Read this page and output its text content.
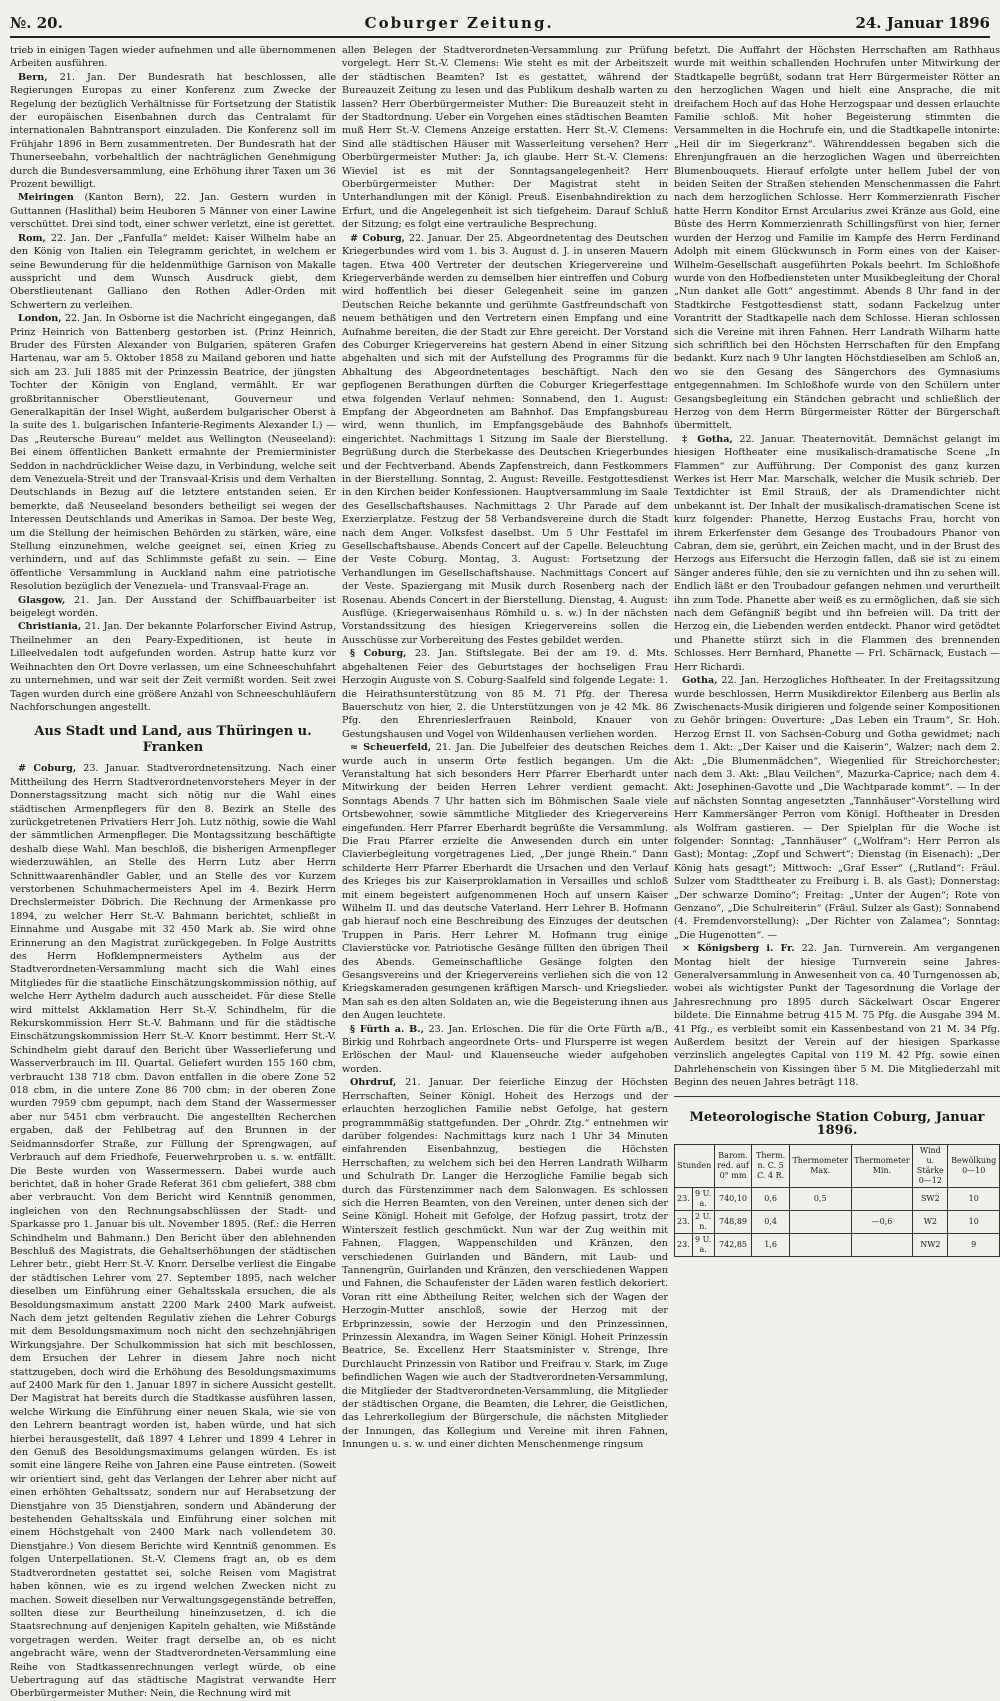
№. 20.	Coburger Zeitung.	24. Januar 1896

trieb in einigen Tagen wieder aufnehmen und alle übernommenen Arbeiten ausführen.

Bern, 21. Jan. Der Bundesrath hat beschlossen, alle Regierungen Europas zu einer Konferenz zum Zwecke der Regelung der bezüglich Verhältnisse für Fortsetzung der Statistik der europäischen Eisenbahnen durch das Centralamt für internationalen Bahntransport einzuladen. Die Konferenz soll im Frühjahr 1896 in Bern zusammentreten. Der Bundesrath hat der Thunerseebahn, vorbehaltlich der nachträglichen Genehmigung durch die Bundesversammlung, eine Erhöhung ihrer Taxen um 36 Prozent bewilligt.

Meiringen (Kanton Bern), 22. Jan. Gestern wurden in Guttannen (Haslithal) beim Heuboren 5 Männer von einer Lawine verschüttet. Drei sind todt, einer schwer verletzt, eine ist gerettet.

Rom, 22. Jan. Der „Fanfulla“ meldet: Kaiser Wilhelm habe an den König von Italien ein Telegramm gerichtet, in welchem er seine Bewunderung für die heldenmüthige Garnison von Makalle ausspricht und dem Wunsch Ausdruck giebt, dem Oberstlieutenant Galliano den Rothen Adler-Orden mit Schwertern zu verleihen.

London, 22. Jan. In Osborne ist die Nachricht eingegangen, daß Prinz Heinrich von Battenberg gestorben ist. (Prinz Heinrich, Bruder des Fürsten Alexander von Bulgarien, späteren Grafen Hartenau, war am 5. Oktober 1858 zu Mailand geboren und hatte sich am 23. Juli 1885 mit der Prinzessin Beatrice, der jüngsten Tochter der Königin von England, vermählt. Er war großbritannischer Oberstlieutenant, Gouverneur und Generalkapitän der Insel Wight, außerdem bulgarischer Oberst à la suite des 1. bulgarischen Infanterie-Regiments Alexander I.) — Das „Reutersche Bureau“ meldet aus Wellington (Neuseeland): Bei einem öffentlichen Bankett ermahnte der Premierminister Seddon in nachdrücklicher Weise dazu, in Verbindung, welche seit dem Venezuela-Streit und der Transvaal-Krisis und dem Verhalten Deutschlands in Bezug auf die letztere entstanden seien. Er bemerkte, daß Neuseeland besonders betheiligt sei wegen der Interessen Deutschlands und Amerikas in Samoa. Der beste Weg, um die Stellung der heimischen Behörden zu stärken, wäre, eine Stellung einzunehmen, welche geeignet sei, einen Krieg zu verhindern, und auf das Schlimmste gefaßt zu sein. — Eine öffentliche Versammlung in Auckland nahm eine patriotische Resolution bezüglich der Venezuela- und Transvaal-Frage an.

Glasgow, 21. Jan. Der Ausstand der Schiffbauarbeiter ist beigelegt worden.

Christiania, 21. Jan. Der bekannte Polarforscher Eivind Astrup, Theilnehmer an den Peary-Expeditionen, ist heute in Lilleelvedalen todt aufgefunden worden. Astrup hatte kurz vor Weihnachten den Ort Dovre verlassen, um eine Schneeschuhfahrt zu unternehmen, und war seit der Zeit vermißt worden. Seit zwei Tagen wurden durch eine größere Anzahl von Schneeschuhläufern Nachforschungen angestellt.

Aus Stadt und Land, aus Thüringen u. Franken

# Coburg, 23. Januar. Stadtverordnetensitzung. Nach einer Mittheilung des Herrn Stadtverordnetenvorstehers Meyer in der Donnerstagssitzung macht sich nötig nur die Wahl eines städtischen Armenpflegers für den 8. Bezirk an Stelle des zurückgetretenen Privatiers Herr Joh. Lutz nöthig, sowie die Wahl der sämmtlichen Armenpfleger. Die Montagssitzung beschäftigte deshalb diese Wahl. Man beschloß, die bisherigen Armenpfleger wiederzuwählen, an Stelle des Herrn Lutz aber Herrn Schnittwaarenhändler Gabler, und an Stelle des vor Kurzem verstorbenen Schuhmachermeisters Apel im 4. Bezirk Herrn Drechslermeister Döbrich. Die Rechnung der Armenkasse pro 1894, zu welcher Herr St.-V. Bahmann berichtet, schließt in Einnahme und Ausgabe mit 32 450 Mark ab. Sie wird ohne Erinnerung an den Magistrat zurückgegeben. In Folge Austritts des Herrn Hofklempnermeisters Aythelm aus der Stadtverordneten-Versammlung macht sich die Wahl eines Mitgliedes für die staatliche Einschätzungskommission nöthig, auf welche Herr Aythelm dadurch auch ausscheidet. Für diese Stelle wird mittelst Akklamation Herr St.-V. Schindhelm, für die Rekurskommission Herr St.-V. Bahmann und für die städtische Einschätzungskommission Herr St.-V. Knorr bestimmt. Herr St.-V. Schindhelm giebt darauf den Bericht über Wasserlieferung und Wasserverbrauch im III. Quartal. Geliefert wurden 155 160 cbm, verbraucht 138 718 cbm. Davon entfallen in die obere Zone 52 018 cbm, in die untere Zone 86 700 cbm; in der oberen Zone wurden 7959 cbm gepumpt, nach dem Stand der Wassermesser aber nur 5451 cbm verbraucht. Die angestellten Recherchen ergaben, daß der Fehlbetrag auf den Brunnen in der Seidmannsdorfer Straße, zur Füllung der Sprengwagen, auf Verbrauch auf dem Friedhofe, Feuerwehrproben u. s. w. entfällt. Die Beste wurden von Wassermessern. Dabei wurde auch berichtet, daß in hoher Grade Referat 361 cbm geliefert, 388 cbm aber verbraucht. Von dem Bericht wird Kenntniß genommen, ingleichen von den Rechnungsabschlüssen der Stadt- und Sparkasse pro 1. Januar bis ult. November 1895. (Ref.: die Herren Schindhelm und Bahmann.) Den Bericht über den ablehnenden Beschluß des Magistrats, die Gehaltserhöhungen der städtischen Lehrer betr., giebt Herr St.-V. Knorr. Derselbe verliest die Eingabe der städtischen Lehrer vom 27. September 1895, nach welcher dieselben um Einführung einer Gehaltsskala ersuchen, die als Besoldungsmaximum anstatt 2200 Mark 2400 Mark aufweist. Nach dem jetzt geltenden Regulativ ziehen die Lehrer Coburgs mit dem Besoldungsmaximum noch nicht den sechzehnjährigen Wirkungsjahre. Der Schulkommission hat sich mit beschlossen, dem Ersuchen der Lehrer in diesem Jahre noch nicht stattzugeben, doch wird die Erhöhung des Besoldungsmaximums auf 2400 Mark für den 1. Januar 1897 in sichere Aussicht gestellt. Der Magistrat hat bereits durch die Stadtkasse ausführen lassen, welche Wirkung die Einführung einer neuen Skala, wie sie von den Lehrern beantragt worden ist, haben würde, und hat sich hierbei herausgestellt, daß 1897 4 Lehrer und 1899 4 Lehrer in den Genuß des Besoldungsmaximums gelangen würden. Es ist somit eine längere Reihe von Jahren eine Pause eintreten. (Soweit wir orientiert sind, geht das Verlangen der Lehrer aber nicht auf einen erhöhten Gehaltssatz, sondern nur auf Herabsetzung der Dienstjahre von 35 Dienstjahren, sondern und Abänderung der bestehenden Gehaltsskala und Einführung einer solchen mit einem Höchstgehalt von 2400 Mark nach vollendetem 30. Dienstjahre.) Von diesem Berichte wird Kenntniß genommen. Es folgen Unterpellationen. St.-V. Clemens fragt an, ob es dem Stadtverordneten gestattet sei, solche Reisen vom Magistrat haben können, wie es zu irgend welchen Zwecken nicht zu machen. Soweit dieselben nur Verwaltungsgegenstände betreffen, sollten diese zur Beurtheilung hineinzusetzen, d. ich die Staatsrechnung auf denjenigen Kapiteln gehalten, wie Mißstände vorgetragen werden. Weiter fragt derselbe an, ob es nicht angebracht wäre, wenn der Stadtverordneten-Versammlung eine Reihe von Stadtkassenrechnungen verlegt würde, ob eine Uebertragung auf das städtische Magistrat verwandte Herr Oberbürgermeister Muther: Nein, die Rechnung wird mit

allen Belegen der Stadtverordneten-Versammlung zur Prüfung vorgelegt. Herr St.-V. Clemens: Wie steht es mit der Arbeitszeit der städtischen Beamten? Ist es gestattet, während der Bureauzeit Zeitung zu lesen und das Publikum deshalb warten zu lassen? Herr Oberbürgermeister Muther: Die Bureauzeit steht in der Stadtordnung. Ueber ein Vorgehen eines städtischen Beamten muß Herr St.-V. Clemens Anzeige erstatten. Herr St.-V. Clemens: Sind alle städtischen Häuser mit Wasserleitung versehen? Herr Oberbürgermeister Muther: Ja, ich glaube. Herr St.-V. Clemens: Wieviel ist es mit der Sonntagsangelegenheit? Herr Oberbürgermeister Muther: Der Magistrat steht in Unterhandlungen mit der Königl. Preuß. Eisenbahndirektion zu Erfurt, und die Angelegenheit ist sich tiefgeheim. Darauf Schluß der Sitzung; es folgt eine vertrauliche Besprechung.

# Coburg, 22. Januar. Der 25. Abgeordnetentag des Deutschen Kriegerbundes wird vom 1. bis 3. August d. J. in unseren Mauern tagen. Etwa 400 Vertreter der deutschen Kriegervereine und Kriegerverbände werden zu demselben hier eintreffen und Coburg wird hoffentlich bei dieser Gelegenheit seine im ganzen Deutschen Reiche bekannte und gerühmte Gastfreundschaft von neuem bethätigen und den Vertretern einen Empfang und eine Aufnahme bereiten, die der Stadt zur Ehre gereicht. Der Vorstand des Coburger Kriegervereins hat gestern Abend in einer Sitzung abgehalten und sich mit der Aufstellung des Programms für die Abhaltung des Abgeordnetentages beschäftigt. Nach den gepflogenen Berathungen dürften die Coburger Kriegerfesttage etwa folgenden Verlauf nehmen: Sonnabend, den 1. August: Empfang der Abgeordneten am Bahnhof. Das Empfangsbureau wird, wenn thunlich, im Empfangsgebäude des Bahnhofs eingerichtet. Nachmittags 1 Sitzung im Saale der Bierstellung. Begrüßung durch die Sterbekasse des Deutschen Kriegerbundes und der Fechtverband. Abends Zapfenstreich, dann Festkommers in der Bierstellung. Sonntag, 2. August: Reveille. Festgottesdienst in den Kirchen beider Konfessionen. Hauptversammlung im Saale des Gesellschaftshauses. Nachmittags 2 Uhr Parade auf dem Exerzierplatze. Festzug der 58 Verbandsvereine durch die Stadt nach dem Anger. Volksfest daselbst. Um 5 Uhr Festtafel im Gesellschaftshause. Abends Concert auf der Capelle. Beleuchtung der Veste Coburg. Montag, 3. August: Fortsetzung der Verhandlungen im Gesellschaftshause. Nachmittags Concert auf der Veste. Spaziergang mit Musik durch Rosenberg nach der Rosenau. Abends Concert in der Bierstellung. Dienstag, 4. August: Ausflüge. (Kriegerwaisenhaus Römhild u. s. w.) In der nächsten Vorstandssitzung des hiesigen Kriegervereins sollen die Ausschüsse zur Vorbereitung des Festes gebildet werden.

§ Coburg, 23. Jan. Stiftslegate. Bei der am 19. d. Mts. abgehaltenen Feier des Geburtstages der hochseligen Frau Herzogin Auguste von S. Coburg-Saalfeld sind folgende Legate: 1. die Heirathsunterstützung von 85 M. 71 Pfg. der Theresa Bauerschutz von hier, 2. die Unterstützungen von je 42 Mk. 86 Pfg. den Ehrenrieslerfrauen Reinbold, Knauer von Gestungshausen und Vogel von Wildenhausen verliehen worden.

≈ Scheuerfeld, 21. Jan. Die Jubelfeier des deutschen Reiches wurde auch in unserm Orte festlich begangen. Um die Veranstaltung hat sich besonders Herr Pfarrer Eberhardt unter Mitwirkung der beiden Herren Lehrer verdient gemacht. Sonntags Abends 7 Uhr hatten sich im Böhmischen Saale viele Ortsbewohner, sowie sämmtliche Mitglieder des Kriegervereins eingefunden. Herr Pfarrer Eberhardt begrüßte die Versammlung. Die Frau Pfarrer erzielte die Anwesenden durch ein unter Clavierbegleitung vorgetragenes Lied, „Der junge Rhein.“ Dann schilderte Herr Pfarrer Eberhardt die Ursachen und den Verlauf des Krieges bis zur Kaiserproklamation in Versailles und schloß mit einem begeistert aufgenommenen Hoch auf unsern Kaiser Wilhelm II. und das deutsche Vaterland. Herr Lehrer B. Hofmann gab hierauf noch eine Beschreibung des Einzuges der deutschen Truppen in Paris. Herr Lehrer M. Hofmann trug einige Clavierstücke vor. Patriotische Gesänge füllten den übrigen Theil des Abends. Gemeinschaftliche Gesänge folgten den Gesangsvereins und der Kriegervereins verliehen sich die von 12 Kriegskameraden gesungenen kräftigen Marsch- und Kriegslieder. Man sah es den alten Soldaten an, wie die Begeisterung ihnen aus den Augen leuchtete.

§ Fürth a. B., 23. Jan. Erloschen. Die für die Orte Fürth a/B., Birkig und Rohrbach angeordnete Orts- und Flursperre ist wegen Erlöschen der Maul- und Klauenseuche wieder aufgehoben worden.

Ohrdruf, 21. Januar. Der feierliche Einzug der Höchsten Herrschaften, Seiner Königl. Hoheit des Herzogs und der erlauchten herzoglichen Familie nebst Gefolge, hat gestern programmmäßig stattgefunden. Der „Ohrdr. Ztg.“ entnehmen wir darüber folgendes: Nachmittags kurz nach 1 Uhr 34 Minuten einfahrenden Eisenbahnzug, bestiegen die Höchsten Herrschaften, zu welchem sich bei den Herren Landrath Wilharm und Schulrath Dr. Langer die Herzogliche Familie begab sich durch das Fürstenzimmer nach dem Salonwagen. Es schlossen sich die Herren Beamten, von den Vereinen, unter denen sich der Seine Königl. Hoheit mit Gefolge, der Hofzug passirt, trotz der Winterszeit festlich geschmückt. Nun war der Zug weithin mit Fahnen, Flaggen, Wappenschilden und Kränzen, den verschiedenen Guirlanden und Bändern, mit Laub- und Tannengrün, Guirlanden und Kränzen, den verschiedenen Wappen und Fahnen, die Schaufenster der Läden waren festlich dekoriert. Voran ritt eine Abtheilung Reiter, welchen sich der Wagen der Herzogin-Mutter anschloß, sowie der Herzog mit der Erbprinzessin, sowie der Herzogin und den Prinzessinnen, Prinzessin Alexandra, im Wagen Seiner Königl. Hoheit Prinzessin Beatrice, Se. Excellenz Herr Staatsminister v. Strenge, Ihre Durchlaucht Prinzessin von Ratibor und Freifrau v. Stark, im Zuge befindlichen Wagen wie auch der Stadtverordneten-Versammlung, die Mitglieder der Stadtverordneten-Versammlung, die Mitglieder der städtischen Organe, die Beamten, die Lehrer, die Geistlichen, das Lehrerkollegium der Bürgerschule, die nächsten Mitglieder der Innungen, das Kollegium und Vereine mit ihren Fahnen, Innungen u. s. w. und einer dichten Menschenmenge ringsum

befetzt. Die Auffahrt der Höchsten Herrschaften am Rathhaus wurde mit weithin schallenden Hochrufen unter Mitwirkung der Stadtkapelle begrüßt, sodann trat Herr Bürgermeister Rötter an den herzoglichen Wagen und hielt eine Ansprache, die mit dreifachem Hoch auf das Hohe Herzogspaar und dessen erlauchte Familie schloß. Mit hoher Begeisterung stimmten die Versammelten in die Hochrufe ein, und die Stadtkapelle intonirte: „Heil dir im Siegerkranz“. Währenddessen begaben sich die Ehrenjungfrauen an die herzoglichen Wagen und überreichten Blumenbouquets. Hierauf erfolgte unter hellem Jubel der von beiden Seiten der Straßen stehenden Menschenmassen die Fahrt nach dem herzoglichen Schlosse. Herr Kommerzienrath Fischer hatte Herrn Konditor Ernst Arcularius zwei Kränze aus Gold, eine Büste des Herrn Kommerzienrath Schillingsfürst von hier, ferner wurden der Herzog und Familie im Kampfe des Herrn Ferdinand Adolph mit einem Glückwunsch in Form eines von der Kaiser-Wilhelm-Gesellschaft ausgeführten Pokals beehrt. Im Schloßhofe wurde von den Hofbediensteten unter Musikbegleitung der Choral „Nun danket alle Gott“ angestimmt. Abends 8 Uhr fand in der Stadtkirche Festgottesdienst statt, sodann Fackelzug unter Vorantritt der Stadtkapelle nach dem Schlosse. Hieran schlossen sich die Vereine mit ihren Fahnen. Herr Landrath Wilharm hatte sich schriftlich bei den Höchsten Herrschaften für den Empfang bedankt. Kurz nach 9 Uhr langten Höchstdieselben am Schloß an, wo sie den Gesang des Sängerchors des Gymnasiums entgegennahmen. Im Schloßhofe wurde von den Schülern unter Gesangsbegleitung ein Ständchen gebracht und schließlich der Herzog von dem Herrn Bürgermeister Rötter der Bürgerschaft übermittelt.

‡ Gotha, 22. Januar. Theaternovität. Demnächst gelangt im hiesigen Hoftheater eine musikalisch-dramatische Scene „In Flammen“ zur Aufführung. Der Componist des ganz kurzen Werkes ist Herr Mar. Marschalk, welcher die Musik schrieb. Der Textdichter ist Emil Strauß, der als Dramendichter nicht unbekannt ist. Der Inhalt der musikalisch-dramatischen Scene ist kurz folgender: Phanette, Herzog Eustachs Frau, horcht von ihrem Erkerfenster dem Gesange des Troubadours Phanor von Cabran, dem sie, gerührt, ein Zeichen macht, und in der Brust des Herzogs aus Eifersucht die Herzogin fallen, daß sie ist zu einem Sänger anderes fühle, den sie zu vernichten und ihn zu sehen will. Endlich läßt er den Troubadour gefangen nehmen und verurtheilt ihn zum Tode. Phanette aber weiß es zu ermöglichen, daß sie sich nach dem Gefängniß begibt und ihn befreien will. Da tritt der Herzog ein, die Liebenden werden entdeckt. Phanor wird getödtet und Phanette stürzt sich in die Flammen des brennenden Schlosses. Herr Bernhard, Phanette — Frl. Schärnack, Eustach — Herr Richardi.

Gotha, 22. Jan. Herzogliches Hoftheater. In der Freitagssitzung wurde beschlossen, Herrn Musikdirektor Eilenberg aus Berlin als Zwischenacts-Musik dirigieren und folgende seiner Kompositionen zu Gehör bringen: Ouverture: „Das Leben ein Traum“, Sr. Hoh. Herzog Ernst II. von Sachsen-Coburg und Gotha gewidmet; nach dem 1. Akt: „Der Kaiser und die Kaiserin“, Walzer; nach dem 2. Akt: „Die Blumenmädchen“, Wiegenlied für Streichorchester; nach dem 3. Akt: „Blau Veilchen“, Mazurka-Caprice; nach dem 4. Akt: Josephinen-Gavotte und „Die Wachtparade kommt“. — In der auf nächsten Sonntag angesetzten „Tannhäuser“-Vorstellung wird Herr Kammersänger Perron vom Königl. Hoftheater in Dresden als Wolfram gastieren. — Der Spielplan für die Woche ist folgender: Sonntag: „Tannhäuser“ („Wolfram“: Herr Perron als Gast); Montag: „Zopf und Schwert“; Dienstag (in Eisenach): „Der König hats gesagt“; Mittwoch: „Graf Esser“ („Rutland“: Fräul. Sulzer vom Stadttheater zu Freiburg i. B. als Gast); Donnerstag: „Der schwarze Domino“; Freitag: „Unter der Augen“; Rote von Genzano“, „Die Schulreiterin“ (Fräul. Sulzer als Gast); Sonnabend (4. Fremdenvorstellung): „Der Richter von Zalamea“; Sonntag: „Die Hugenotten“. —

× Königsberg i. Fr. 22. Jan. Turnverein. Am vergangenen Montag hielt der hiesige Turnverein seine Jahres-Generalversammlung in Anwesenheit von ca. 40 Turngenossen ab, wobei als wichtigster Punkt der Tagesordnung die Vorlage der Jahresrechnung pro 1895 durch Säckelwart Oscar Engerer bildete. Die Einnahme betrug 415 M. 75 Pfg. die Ausgabe 394 M. 41 Pfg., es verbleibt somit ein Kassenbestand von 21 M. 34 Pfg. Außerdem besitzt der Verein auf der hiesigen Sparkasse verzinslich angelegtes Capital von 119 M. 42 Pfg. sowie einen Dahrlehenschein von Kissingen über 5 M. Die Mitgliederzahl mit Beginn des neuen Jahres beträgt 118.

Meteorologische Station Coburg, Januar 1896.
Stunden		Barom. red. auf 0° mm	Therm. n. C. 5 C. 4 R.	Thermometer Max.	Thermometer Min.	Wind u. Stärke 0—12	Bewölkung 0—10
23.	9 U. a.	740,10	0,6	0,5		SW2	10
23.	2 U. n.	748,89	0,4		—0,6	W2	10
23.	9 U. a.	742,85	1,6			NW2	9
